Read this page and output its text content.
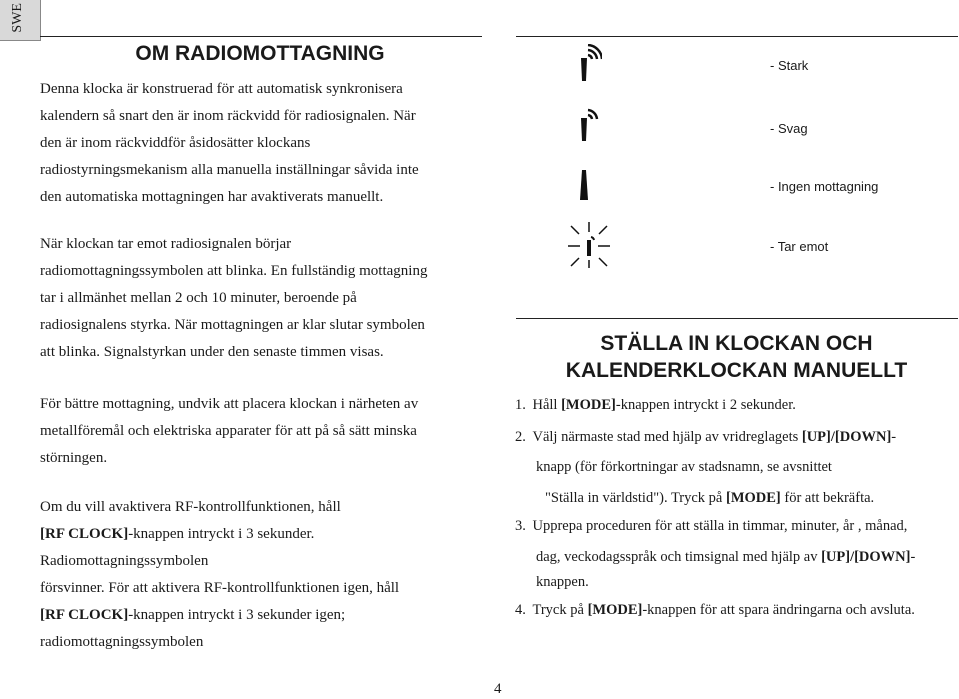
SWE
OM RADIOMOTTAGNING
Denna klocka är konstruerad för att automatisk synkronisera
kalendern så snart den är inom räckvidd för radiosignalen. När
den är inom räckviddför åsidosätter klockans
radiostyrningsmekanism alla manuella inställningar såvida inte
den automatiska mottagningen har avaktiverats manuellt.
När klockan tar emot radiosignalen börjar
radiomottagningssymbolen att blinka. En fullständig mottagning
tar i allmänhet mellan 2 och 10 minuter, beroende på
radiosignalens styrka. När mottagningen ar klar slutar symbolen
att blinka. Signalstyrkan under den senaste timmen visas.
För bättre mottagning, undvik att placera klockan i närheten av
metallföremål och elektriska apparater för att på så sätt minska
störningen.
Om du vill avaktivera RF-kontrollfunktionen, håll
[RF CLOCK]-knappen intryckt i 3 sekunder.
Radiomottagningssymbolen
försvinner. För att aktivera RF-kontrollfunktionen igen, håll
[RF CLOCK]-knappen intryckt i 3 sekunder igen;
radiomottagningssymbolen
- Stark
- Svag
- Ingen mottagning
- Tar emot
STÄLLA IN KLOCKAN OCH
KALENDERKLOCKAN MANUELLT
1. Håll [MODE]-knappen intryckt i 2 sekunder.
2. Välj närmaste stad med hjälp av vridreglagets [UP]/[DOWN]-
knapp (för förkortningar av stadsnamn, se avsnittet
"Ställa in världstid"). Tryck på [MODE] för att bekräfta.
3. Upprepa proceduren för att ställa in timmar, minuter, år , månad,
dag, veckodagsspråk och timsignal med hjälp av [UP]/[DOWN]-
knappen.
4. Tryck på [MODE]-knappen för att spara ändringarna och avsluta.
4
